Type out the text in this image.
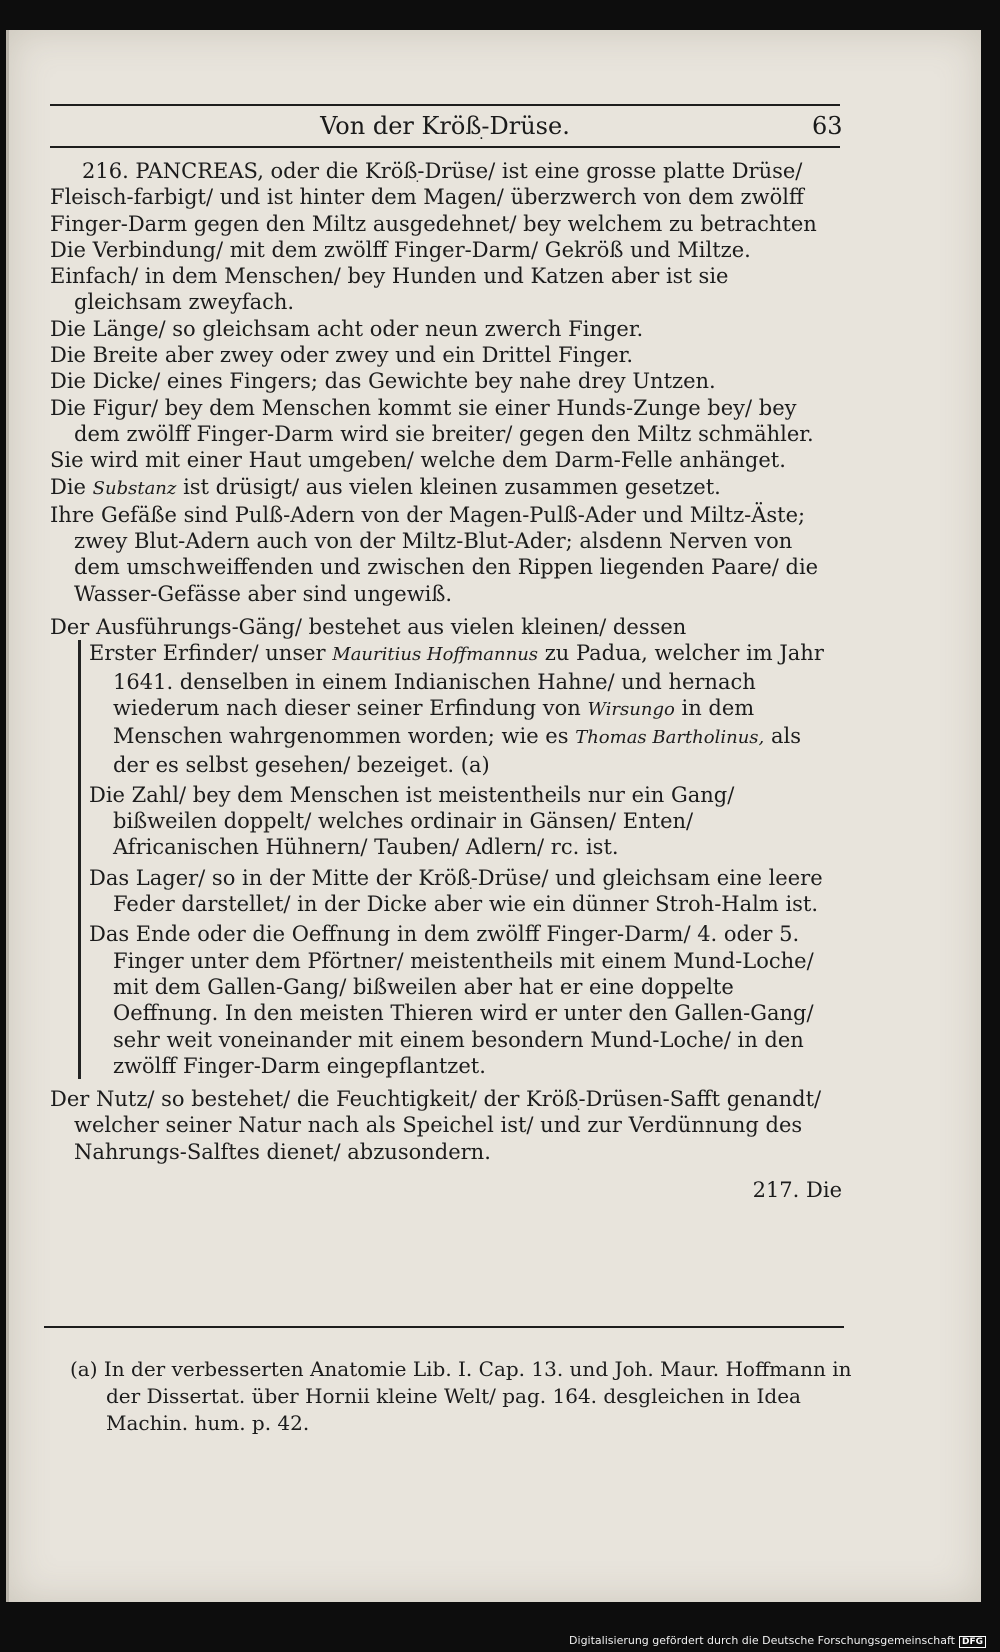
Von der Krößׅ-Drüse.	63

216. PANCREAS, oder die Krößׅ-Drüse/ ist eine grosse platte Drüse/ Fleisch-farbigt/ und ist hinter dem Magen/ überzwerch von dem zwölff Finger-Darm gegen den Miltz ausgedehnet/ bey welchem zu betrachten

Die Verbindung/ mit dem zwölff Finger-Darm/ Gekröß und Miltze.

Einfach/ in dem Menschen/ bey Hunden und Katzen aber ist sie gleichsam zweyfach.

Die Länge/ so gleichsam acht oder neun zwerch Finger.

Die Breite aber zwey oder zwey und ein Drittel Finger.

Die Dicke/ eines Fingers; das Gewichte bey nahe drey Untzen.

Die Figur/ bey dem Menschen kommt sie einer Hunds-Zunge bey/ bey dem zwölff Finger-Darm wird sie breiter/ gegen den Miltz schmähler.

Sie wird mit einer Haut umgeben/ welche dem Darm-Felle anhänget.

Die Substanz ist drüsigt/ aus vielen kleinen zusammen gesetzet.

Ihre Gefäße sind Pulß-Adern von der Magen-Pulß-Ader und Miltz-Äste; zwey Blut-Adern auch von der Miltz-Blut-Ader; alsdenn Nerven von dem umschweiffenden und zwischen den Rippen liegenden Paare/ die Wasser-Gefässe aber sind ungewiß.

Der Ausführungs-Gäng/ bestehet aus vielen kleinen/ dessen

Erster Erfinder/ unser Mauritius Hoffmannus zu Padua, welcher im Jahr 1641. denselben in einem Indianischen Hahne/ und hernach wiederum nach dieser seiner Erfindung von Wirsungo in dem Menschen wahrgenommen worden; wie es Thomas Bartholinus, als der es selbst gesehen/ bezeiget. (a)

Die Zahl/ bey dem Menschen ist meistentheils nur ein Gang/ bißweilen doppelt/ welches ordinair in Gänsen/ Enten/ Africanischen Hühnern/ Tauben/ Adlern/ rc. ist.

Das Lager/ so in der Mitte der Krößׅ-Drüse/ und gleichsam eine leere Feder darstellet/ in der Dicke aber wie ein dünner Stroh-Halm ist.

Das Ende oder die Oeffnung in dem zwölff Finger-Darm/ 4. oder 5. Finger unter dem Pförtner/ meistentheils mit einem Mund-Loche/ mit dem Gallen-Gang/ bißweilen aber hat er eine doppelte Oeffnung. In den meisten Thieren wird er unter den Gallen-Gang/ sehr weit voneinander mit einem besondern Mund-Loche/ in den zwölff Finger-Darm eingepflantzet.

Der Nutz/ so bestehet/ die Feuchtigkeit/ der Krößׅ-Drüsen-Safft genandt/ welcher seiner Natur nach als Speichel ist/ und zur Verdünnung des Nahrungs-Salftes dienet/ abzusondern.

217. Die

(a) In der verbesserten Anatomie Lib. I. Cap. 13. und Joh. Maur. Hoffmann in der Dissertat. über Hornii kleine Welt/ pag. 164. desgleichen in Idea Machin. hum. p. 42.

Digitalisierung gefördert durch die Deutsche Forschungsgemeinschaft DFG
